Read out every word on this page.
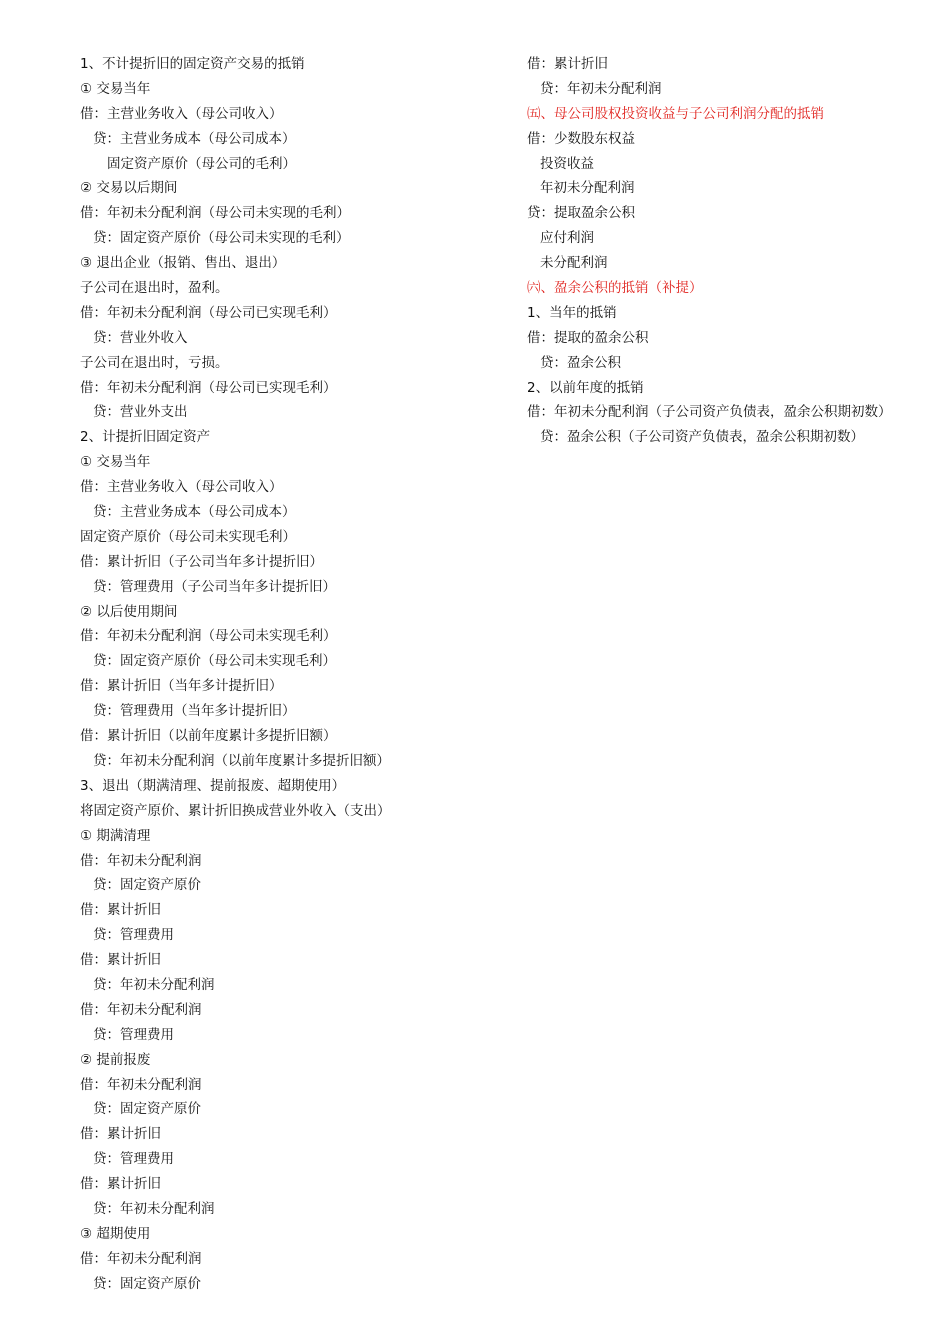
1、不计提折旧的固定资产交易的抵销
① 交易当年
借：主营业务收入（母公司收入）
贷：主营业务成本（母公司成本）
固定资产原价（母公司的毛利）
② 交易以后期间
借：年初未分配利润（母公司未实现的毛利）
贷：固定资产原价（母公司未实现的毛利）
③ 退出企业（报销、售出、退出）
子公司在退出时，盈利。
借：年初未分配利润（母公司已实现毛利）
贷：营业外收入
子公司在退出时，亏损。
借：年初未分配利润（母公司已实现毛利）
贷：营业外支出
2、计提折旧固定资产
① 交易当年
借：主营业务收入（母公司收入）
贷：主营业务成本（母公司成本）
固定资产原价（母公司未实现毛利）
借：累计折旧（子公司当年多计提折旧）
贷：管理费用（子公司当年多计提折旧）
② 以后使用期间
借：年初未分配利润（母公司未实现毛利）
贷：固定资产原价（母公司未实现毛利）
借：累计折旧（当年多计提折旧）
贷：管理费用（当年多计提折旧）
借：累计折旧（以前年度累计多提折旧额）
贷：年初未分配利润（以前年度累计多提折旧额）
3、退出（期满清理、提前报废、超期使用）
将固定资产原价、累计折旧换成营业外收入（支出）
① 期满清理
借：年初未分配利润
贷：固定资产原价
借：累计折旧
贷：管理费用
借：累计折旧
贷：年初未分配利润
借：年初未分配利润
贷：管理费用
② 提前报废
借：年初未分配利润
贷：固定资产原价
借：累计折旧
贷：管理费用
借：累计折旧
贷：年初未分配利润
③ 超期使用
借：年初未分配利润
贷：固定资产原价
借：累计折旧
贷：年初未分配利润
㈤、母公司股权投资收益与子公司利润分配的抵销
借：少数股东权益
投资收益
年初未分配利润
贷：提取盈余公积
应付利润
未分配利润
㈥、盈余公积的抵销（补提）
1、当年的抵销
借：提取的盈余公积
贷：盈余公积
2、以前年度的抵销
借：年初未分配利润（子公司资产负债表，盈余公积期初数）
贷：盈余公积（子公司资产负债表，盈余公积期初数）
